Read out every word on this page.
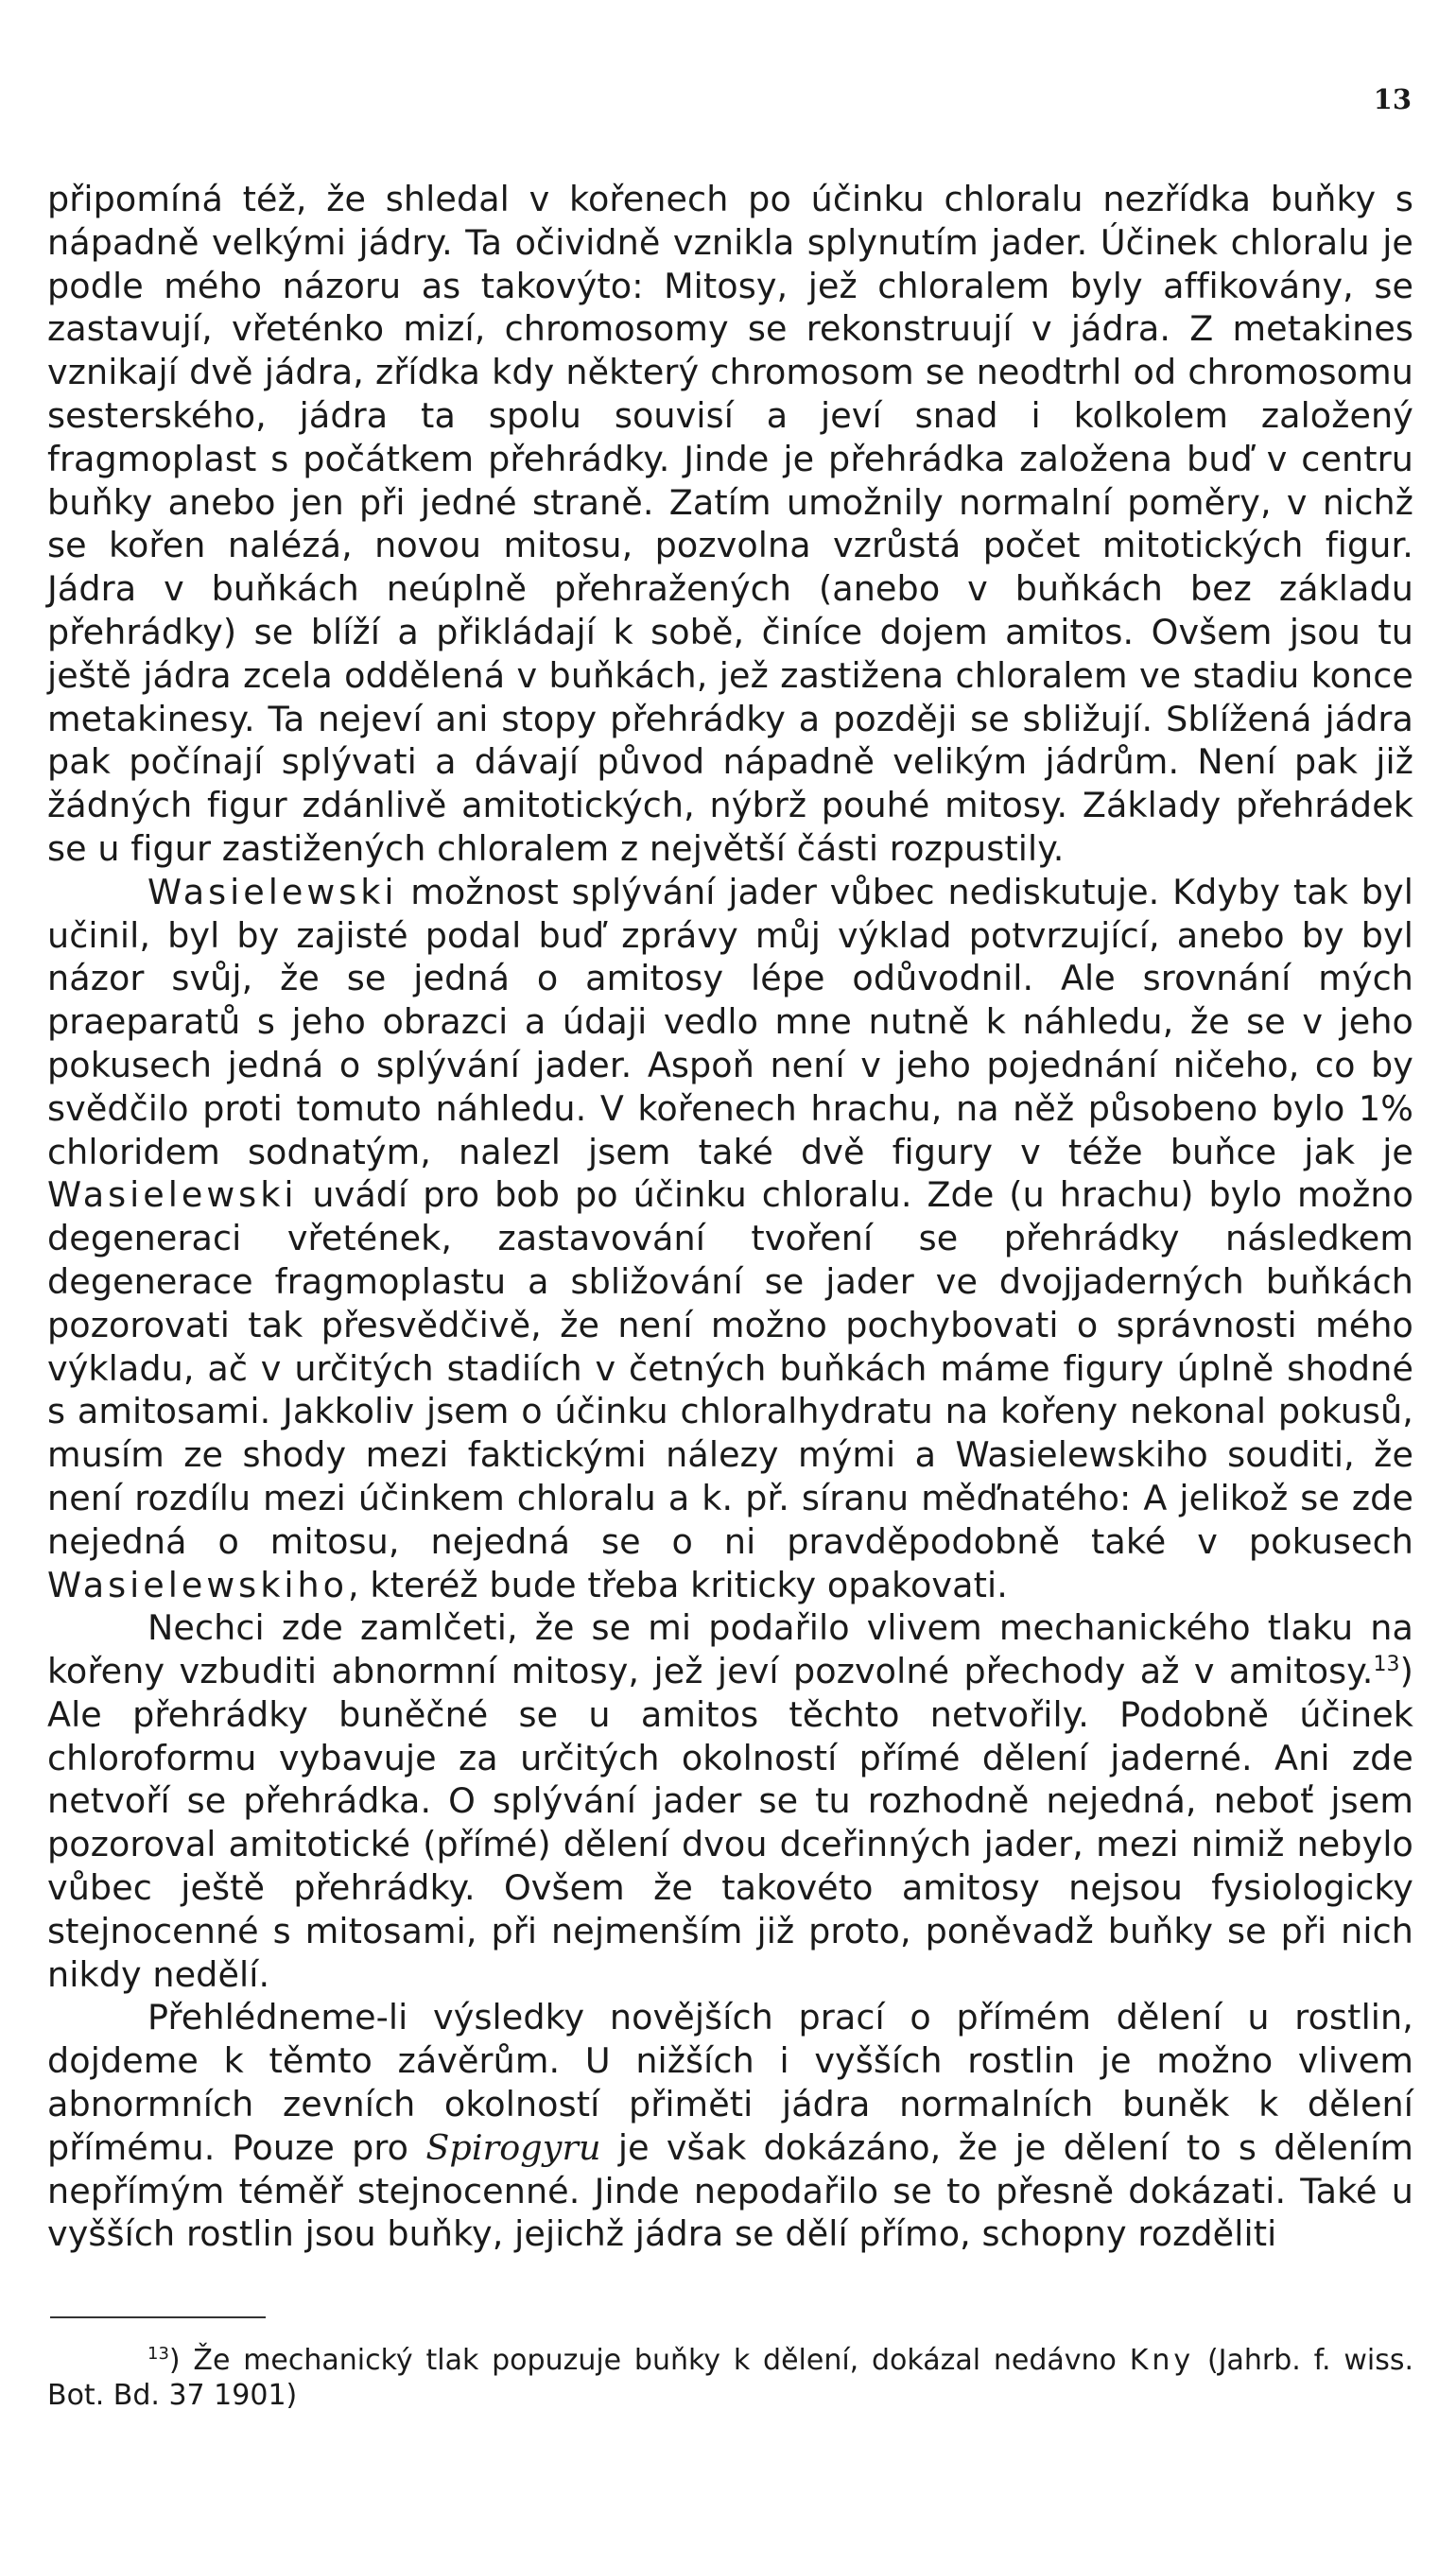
13

připomíná též, že shledal v kořenech po účinku chloralu nezřídka buňky s nápadně velkými jádry. Ta očividně vznikla splynutím jader. Účinek chloralu je podle mého názoru as takovýto: Mitosy, jež chloralem byly affikovány, se zastavují, vřeténko mizí, chromosomy se rekonstruují v jádra. Z metakines vznikají dvě jádra, zřídka kdy některý chromosom se neodtrhl od chromosomu sesterského, jádra ta spolu souvisí a jeví snad i kolkolem založený fragmoplast s počátkem přehrádky. Jinde je přehrádka založena buď v centru buňky anebo jen při jedné straně. Zatím umožnily normalní poměry, v nichž se kořen nalézá, novou mitosu, pozvolna vzrůstá počet mitotických figur. Jádra v buňkách neúplně přehražených (anebo v buňkách bez základu přehrádky) se blíží a přikládají k sobě, činíce dojem amitos. Ovšem jsou tu ještě jádra zcela oddělená v buňkách, jež zastižena chloralem ve stadiu konce metakinesy. Ta nejeví ani stopy přehrádky a později se sbližují. Sblížená jádra pak počínají splývati a dávají původ nápadně velikým jádrům. Není pak již žádných figur zdánlivě amitotických, nýbrž pouhé mitosy. Základy přehrádek se u figur zastižených chloralem z největší části rozpustily.

Wasielewski možnost splývání jader vůbec nediskutuje. Kdyby tak byl učinil, byl by zajisté podal buď zprávy můj výklad potvrzující, anebo by byl názor svůj, že se jedná o amitosy lépe odůvodnil. Ale srovnání mých praeparatů s jeho obrazci a údaji vedlo mne nutně k náhledu, že se v jeho pokusech jedná o splývání jader. Aspoň není v jeho pojednání ničeho, co by svědčilo proti tomuto náhledu. V kořenech hrachu, na něž působeno bylo 1% chloridem sodnatým, nalezl jsem také dvě figury v téže buňce jak je Wasielewski uvádí pro bob po účinku chloralu. Zde (u hrachu) bylo možno degeneraci vřetének, zastavování tvoření se přehrádky následkem degenerace fragmoplastu a sbližování se jader ve dvojjaderných buňkách pozorovati tak přesvědčivě, že není možno pochybovati o správnosti mého výkladu, ač v určitých stadiích v četných buňkách máme figury úplně shodné s amitosami. Jakkoliv jsem o účinku chloralhydratu na kořeny nekonal pokusů, musím ze shody mezi faktickými nálezy mými a Wasielewskiho souditi, že není rozdílu mezi účinkem chloralu a k. př. síranu měďnatého: A jelikož se zde nejedná o mitosu, nejedná se o ni pravděpodobně také v pokusech Wasielewskiho, kteréž bude třeba kriticky opakovati.

Nechci zde zamlčeti, že se mi podařilo vlivem mechanického tlaku na kořeny vzbuditi abnormní mitosy, jež jeví pozvolné přechody až v amitosy.$^{13}$) Ale přehrádky buněčné se u amitos těchto netvořily. Podobně účinek chloroformu vybavuje za určitých okolností přímé dělení jaderné. Ani zde netvoří se přehrádka. O splývání jader se tu rozhodně nejedná, neboť jsem pozoroval amitotické (přímé) dělení dvou dceřinných jader, mezi nimiž nebylo vůbec ještě přehrádky. Ovšem že takovéto amitosy nejsou fysiologicky stejnocenné s mitosami, při nejmenším již proto, poněvadž buňky se při nich nikdy nedělí.

Přehlédneme-li výsledky novějších prací o přímém dělení u rostlin, dojdeme k těmto závěrům. U nižších i vyšších rostlin je možno vlivem abnormních zevních okolností přiměti jádra normalních buněk k dělení přímému. Pouze pro Spirogyru je však dokázáno, že je dělení to s dělením nepřímým téměř stejnocenné. Jinde nepodařilo se to přesně dokázati. Také u vyšších rostlin jsou buňky, jejichž jádra se dělí přímo, schopny rozděliti

$^{13}$) Že mechanický tlak popuzuje buňky k dělení, dokázal nedávno Kny (Jahrb. f. wiss. Bot. Bd. 37 1901)
